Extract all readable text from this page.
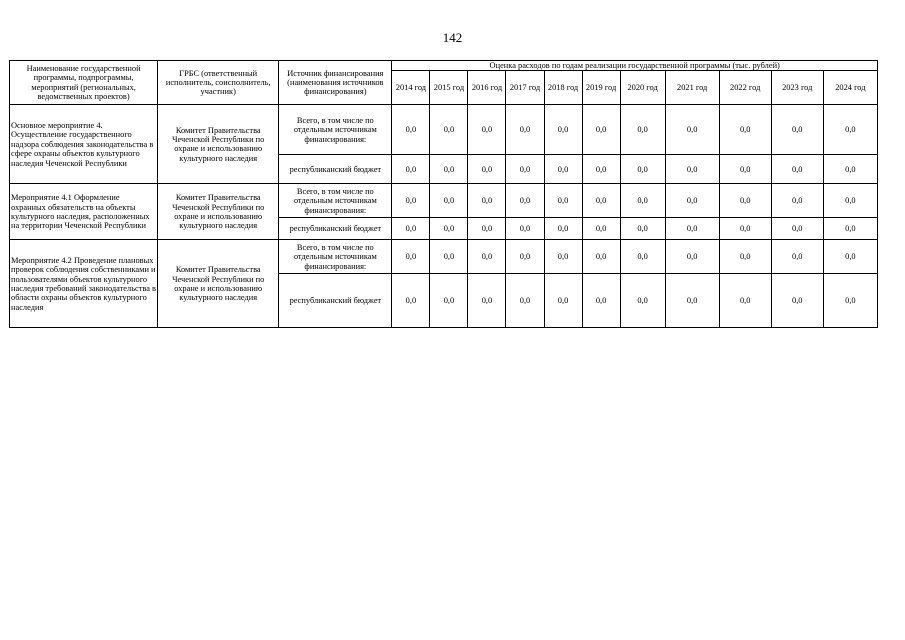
142
Наименование государственной программы, подпрограммы, мероприятий (региональных, ведомственных проектов)	ГРБС (ответственный исполнитель, соисполнитель, участник)	Источник финансирования (наименования источников финансирования)	Оценка расходов по годам реализации государственной программы (тыс. рублей)										
			2014 год	2015 год	2016 год	2017 год	2018 год	2019 год	2020 год	2021 год	2022 год	2023 год	2024 год
Основное мероприятие 4. Осуществление государственного надзора соблюдения законодательства в сфере охраны объектов культурного наследия Чеченской Республики	Комитет Правительства Чеченской Республики по охране и использованию культурного наследия	Всего, в том числе по отдельным источникам финансирования:	0,0	0,0	0,0	0,0	0,0	0,0	0,0	0,0	0,0	0,0	0,0
		республиканский бюджет	0,0	0,0	0,0	0,0	0,0	0,0	0,0	0,0	0,0	0,0	0,0
Мероприятие 4.1 Оформление охранных обязательств на объекты культурного наследия, расположенных на территории Чеченской Республики	Комитет Правительства Чеченской Республики по охране и использованию культурного наследия	Всего, в том числе по отдельным источникам финансирования:	0,0	0,0	0,0	0,0	0,0	0,0	0,0	0,0	0,0	0,0	0,0
		республиканский бюджет	0,0	0,0	0,0	0,0	0,0	0,0	0,0	0,0	0,0	0,0	0,0
Мероприятие 4.2 Проведение плановых проверок соблюдения собственниками и пользователями объектов культурного наследия требований законодательства в области охраны объектов культурного наследия	Комитет Правительства Чеченской Республики по охране и использованию культурного наследия	Всего, в том числе по отдельным источникам финансирования:	0,0	0,0	0,0	0,0	0,0	0,0	0,0	0,0	0,0	0,0	0,0
		республиканский бюджет	0,0	0,0	0,0	0,0	0,0	0,0	0,0	0,0	0,0	0,0	0,0
